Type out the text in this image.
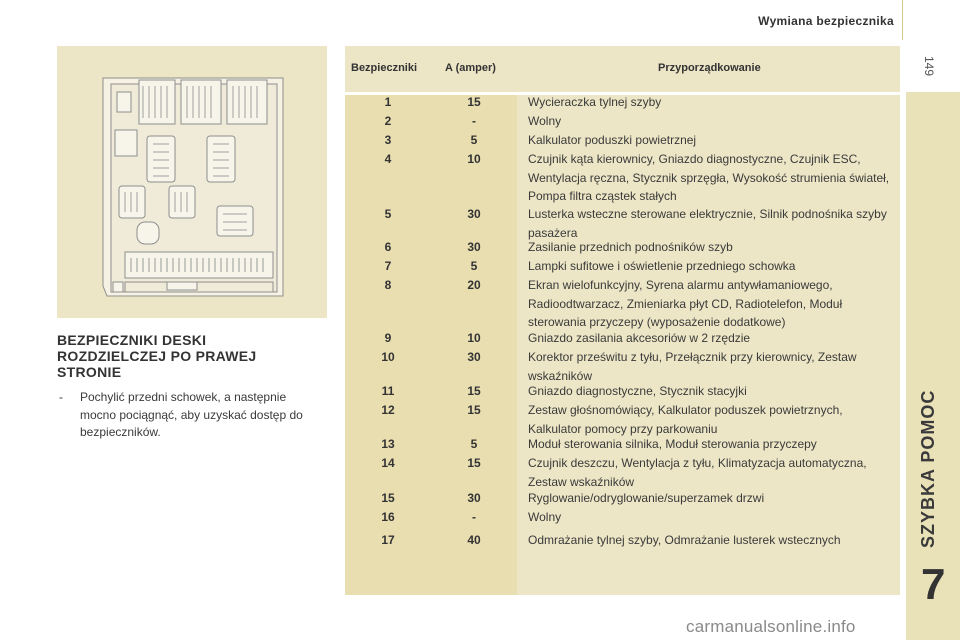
Wymiana bezpiecznika
149
SZYBKA POMOC
7
BEZPIECZNIKI DESKI ROZDZIELCZEJ PO PRAWEJ STRONIE
-	Pochylić przedni schowek, a następnie mocno pociągnąć, aby uzyskać dostęp do bezpieczników.
Bezpieczniki	A (amper)	Przyporządkowanie
1	15	Wycieraczka tylnej szyby
2	-	Wolny
3	5	Kalkulator poduszki powietrznej
4	10	Czujnik kąta kierownicy, Gniazdo diagnostyczne, Czujnik ESC, Wentylacja ręczna, Stycznik sprzęgła, Wysokość strumienia świateł, Pompa filtra cząstek stałych
5	30	Lusterka wsteczne sterowane elektrycznie, Silnik podnośnika szyby pasażera
6	30	Zasilanie przednich podnośników szyb
7	5	Lampki sufitowe i oświetlenie przedniego schowka
8	20	Ekran wielofunkcyjny, Syrena alarmu antywłamaniowego, Radioodtwarzacz, Zmieniarka płyt CD, Radiotelefon, Moduł sterowania przyczepy (wyposażenie dodatkowe)
9	10	Gniazdo zasilania akcesoriów w 2 rzędzie
10	30	Korektor prześwitu z tyłu, Przełącznik przy kierownicy, Zestaw wskaźników
11	15	Gniazdo diagnostyczne, Stycznik stacyjki
12	15	Zestaw głośnomówiący, Kalkulator poduszek powietrznych, Kalkulator pomocy przy parkowaniu
13	5	Moduł sterowania silnika, Moduł sterowania przyczepy
14	15	Czujnik deszczu, Wentylacja z tyłu, Klimatyzacja automatyczna, Zestaw wskaźników
15	30	Ryglowanie/odryglowanie/superzamek drzwi
16	-	Wolny
17	40	Odmrażanie tylnej szyby, Odmrażanie lusterek wstecznych
carmanualsonline.info
